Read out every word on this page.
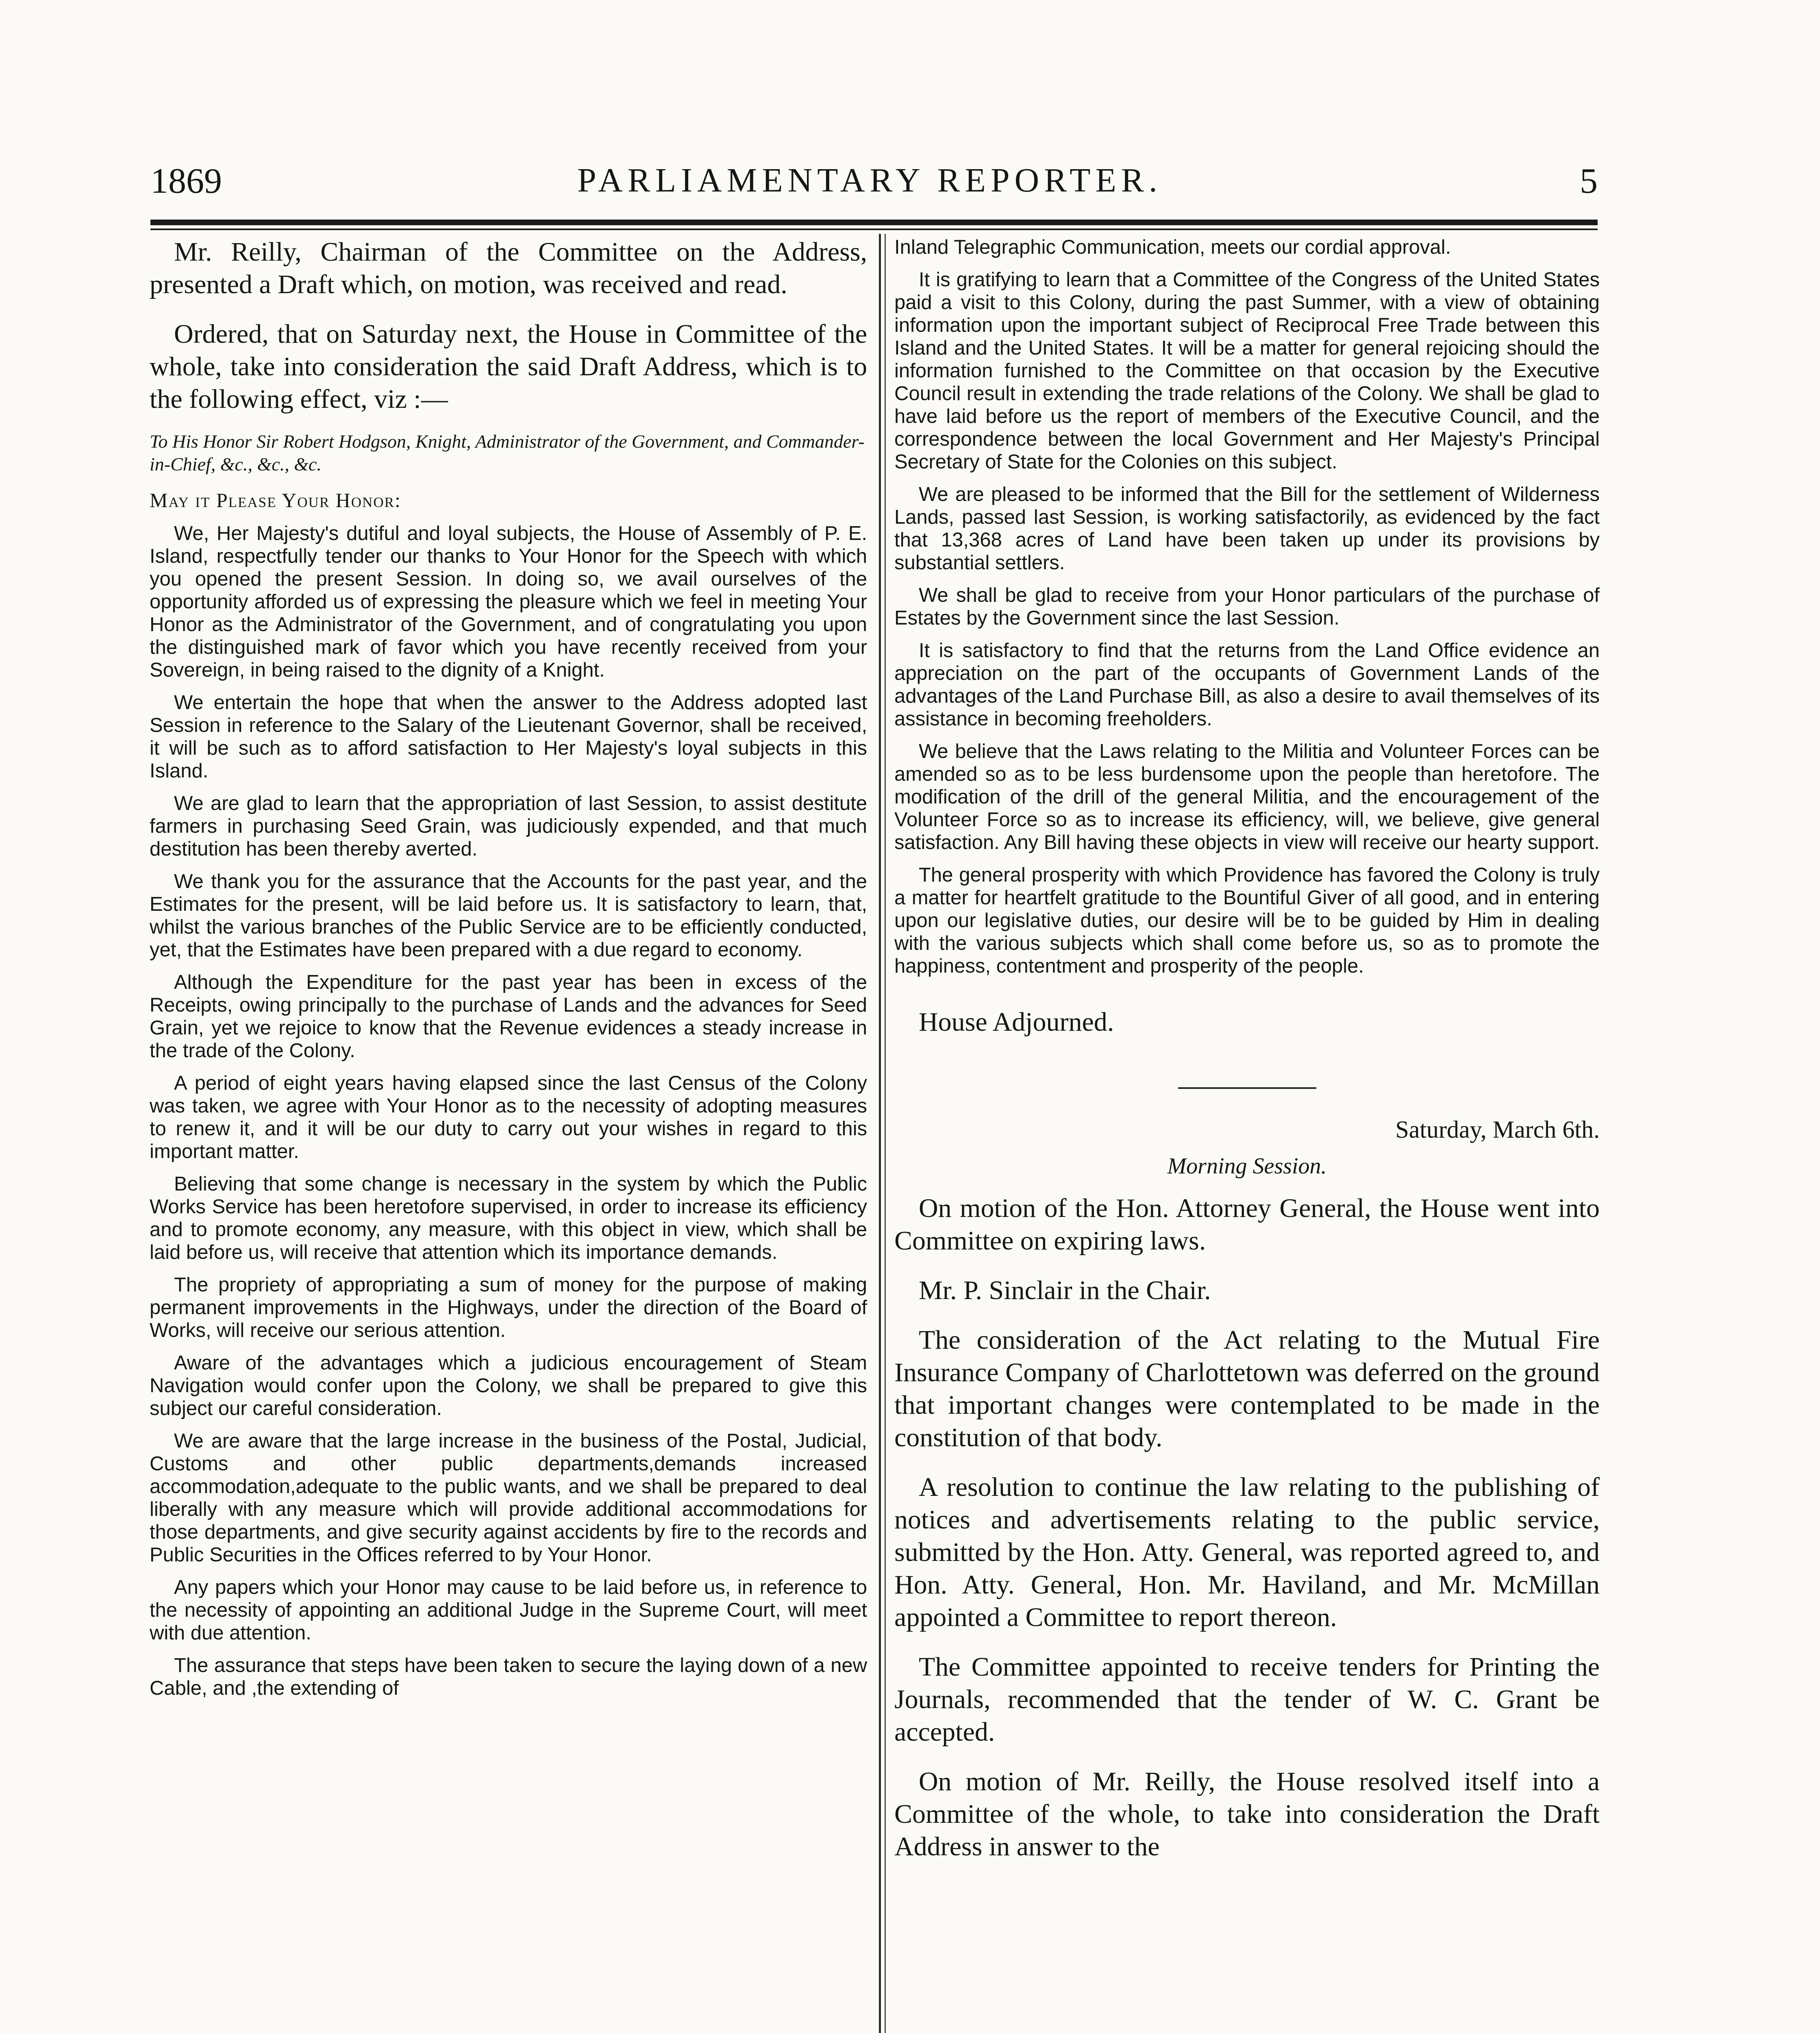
1869	PARLIAMENTARY REPORTER.	5

Mr. Reilly, Chairman of the Committee on the Address, presented a Draft which, on motion, was received and read.

Ordered, that on Saturday next, the House in Committee of the whole, take into consideration the said Draft Address, which is to the following effect, viz :—

To His Honor Sir Robert Hodgson, Knight, Administrator of the Government, and Commander-in-Chief, &c., &c., &c.

May it Please Your Honor:

We, Her Majesty's dutiful and loyal subjects, the House of Assembly of P. E. Island, respectfully tender our thanks to Your Honor for the Speech with which you opened the present Session. In doing so, we avail ourselves of the opportunity afforded us of expressing the pleasure which we feel in meeting Your Honor as the Administrator of the Government, and of congratulating you upon the distinguished mark of favor which you have recently received from your Sovereign, in being raised to the dignity of a Knight.

We entertain the hope that when the answer to the Address adopted last Session in reference to the Salary of the Lieutenant Governor, shall be received, it will be such as to afford satisfaction to Her Majesty's loyal subjects in this Island.

We are glad to learn that the appropriation of last Session, to assist destitute farmers in purchasing Seed Grain, was judiciously expended, and that much destitution has been thereby averted.

We thank you for the assurance that the Accounts for the past year, and the Estimates for the present, will be laid before us. It is satisfactory to learn, that, whilst the various branches of the Public Service are to be efficiently conducted, yet, that the Estimates have been prepared with a due regard to economy.

Although the Expenditure for the past year has been in excess of the Receipts, owing principally to the purchase of Lands and the advances for Seed Grain, yet we rejoice to know that the Revenue evidences a steady increase in the trade of the Colony.

A period of eight years having elapsed since the last Census of the Colony was taken, we agree with Your Honor as to the necessity of adopting measures to renew it, and it will be our duty to carry out your wishes in regard to this important matter.

Believing that some change is necessary in the system by which the Public Works Service has been heretofore supervised, in order to increase its efficiency and to promote economy, any measure, with this object in view, which shall be laid before us, will receive that attention which its importance demands.

The propriety of appropriating a sum of money for the purpose of making permanent improvements in the Highways, under the direction of the Board of Works, will receive our serious attention.

Aware of the advantages which a judicious encouragement of Steam Navigation would confer upon the Colony, we shall be prepared to give this subject our careful consideration.

We are aware that the large increase in the business of the Postal, Judicial, Customs and other public departments,demands increased accommodation,adequate to the public wants, and we shall be prepared to deal liberally with any measure which will provide additional accommodations for those departments, and give security against accidents by fire to the records and Public Securities in the Offices referred to by Your Honor.

Any papers which your Honor may cause to be laid before us, in reference to the necessity of appointing an additional Judge in the Supreme Court, will meet with due attention.

The assurance that steps have been taken to secure the laying down of a new Cable, and ,the extending of

Inland Telegraphic Communication, meets our cordial approval.

It is gratifying to learn that a Committee of the Congress of the United States paid a visit to this Colony, during the past Summer, with a view of obtaining information upon the important subject of Reciprocal Free Trade between this Island and the United States. It will be a matter for general rejoicing should the information furnished to the Committee on that occasion by the Executive Council result in extending the trade relations of the Colony. We shall be glad to have laid before us the report of members of the Executive Council, and the correspondence between the local Government and Her Majesty's Principal Secretary of State for the Colonies on this subject.

We are pleased to be informed that the Bill for the settlement of Wilderness Lands, passed last Session, is working satisfactorily, as evidenced by the fact that 13,368 acres of Land have been taken up under its provisions by substantial settlers.

We shall be glad to receive from your Honor particulars of the purchase of Estates by the Government since the last Session.

It is satisfactory to find that the returns from the Land Office evidence an appreciation on the part of the occupants of Government Lands of the advantages of the Land Purchase Bill, as also a desire to avail themselves of its assistance in becoming freeholders.

We believe that the Laws relating to the Militia and Volunteer Forces can be amended so as to be less burdensome upon the people than heretofore. The modification of the drill of the general Militia, and the encouragement of the Volunteer Force so as to increase its efficiency, will, we believe, give general satisfaction. Any Bill having these objects in view will receive our hearty support.

The general prosperity with which Providence has favored the Colony is truly a matter for heartfelt gratitude to the Bountiful Giver of all good, and in entering upon our legislative duties, our desire will be to be guided by Him in dealing with the various subjects which shall come before us, so as to promote the happiness, contentment and prosperity of the people.

House Adjourned.

Saturday, March 6th.

Morning Session.

On motion of the Hon. Attorney General, the House went into Committee on expiring laws.

Mr. P. Sinclair in the Chair.

The consideration of the Act relating to the Mutual Fire Insurance Company of Charlottetown was deferred on the ground that important changes were contemplated to be made in the constitution of that body.

A resolution to continue the law relating to the publishing of notices and advertisements relating to the public service, submitted by the Hon. Atty. General, was reported agreed to, and Hon. Atty. General, Hon. Mr. Haviland, and Mr. McMillan appointed a Committee to report thereon.

The Committee appointed to receive tenders for Printing the Journals, recommended that the tender of W. C. Grant be accepted.

On motion of Mr. Reilly, the House resolved itself into a Committee of the whole, to take into consideration the Draft Address in answer to the
